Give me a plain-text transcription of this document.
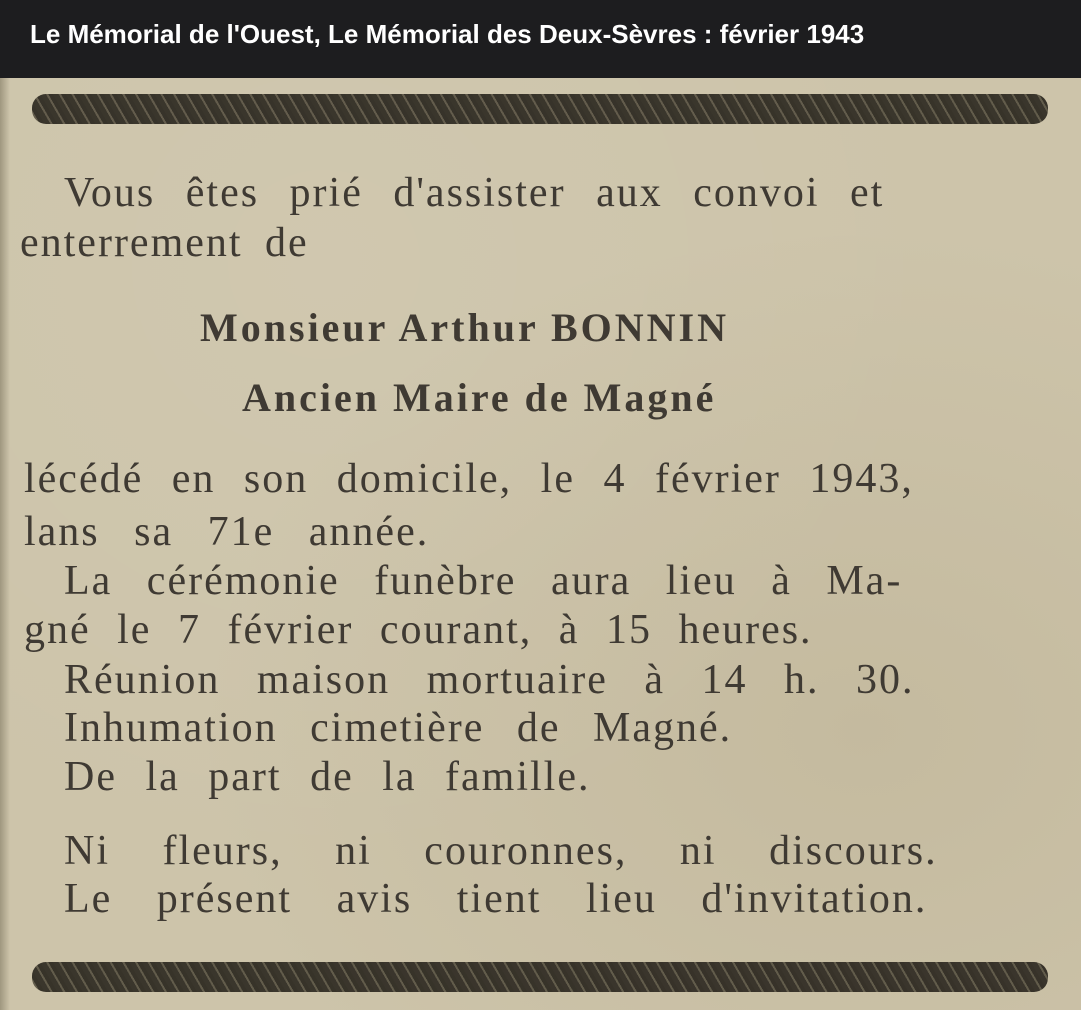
Le Mémorial de l'Ouest, Le Mémorial des Deux-Sèvres : février 1943
Vous êtes prié d'assister aux convoi et
enterrement de
Monsieur Arthur BONNIN
Ancien Maire de Magné
lécédé en son domicile, le 4 février 1943,
lans sa 71e année.
La cérémonie funèbre aura lieu à Ma-
gné le 7 février courant, à 15 heures.
Réunion maison mortuaire à 14 h. 30.
Inhumation cimetière de Magné.
De la part de la famille.
Ni fleurs, ni couronnes, ni discours.
Le présent avis tient lieu d'invitation.
